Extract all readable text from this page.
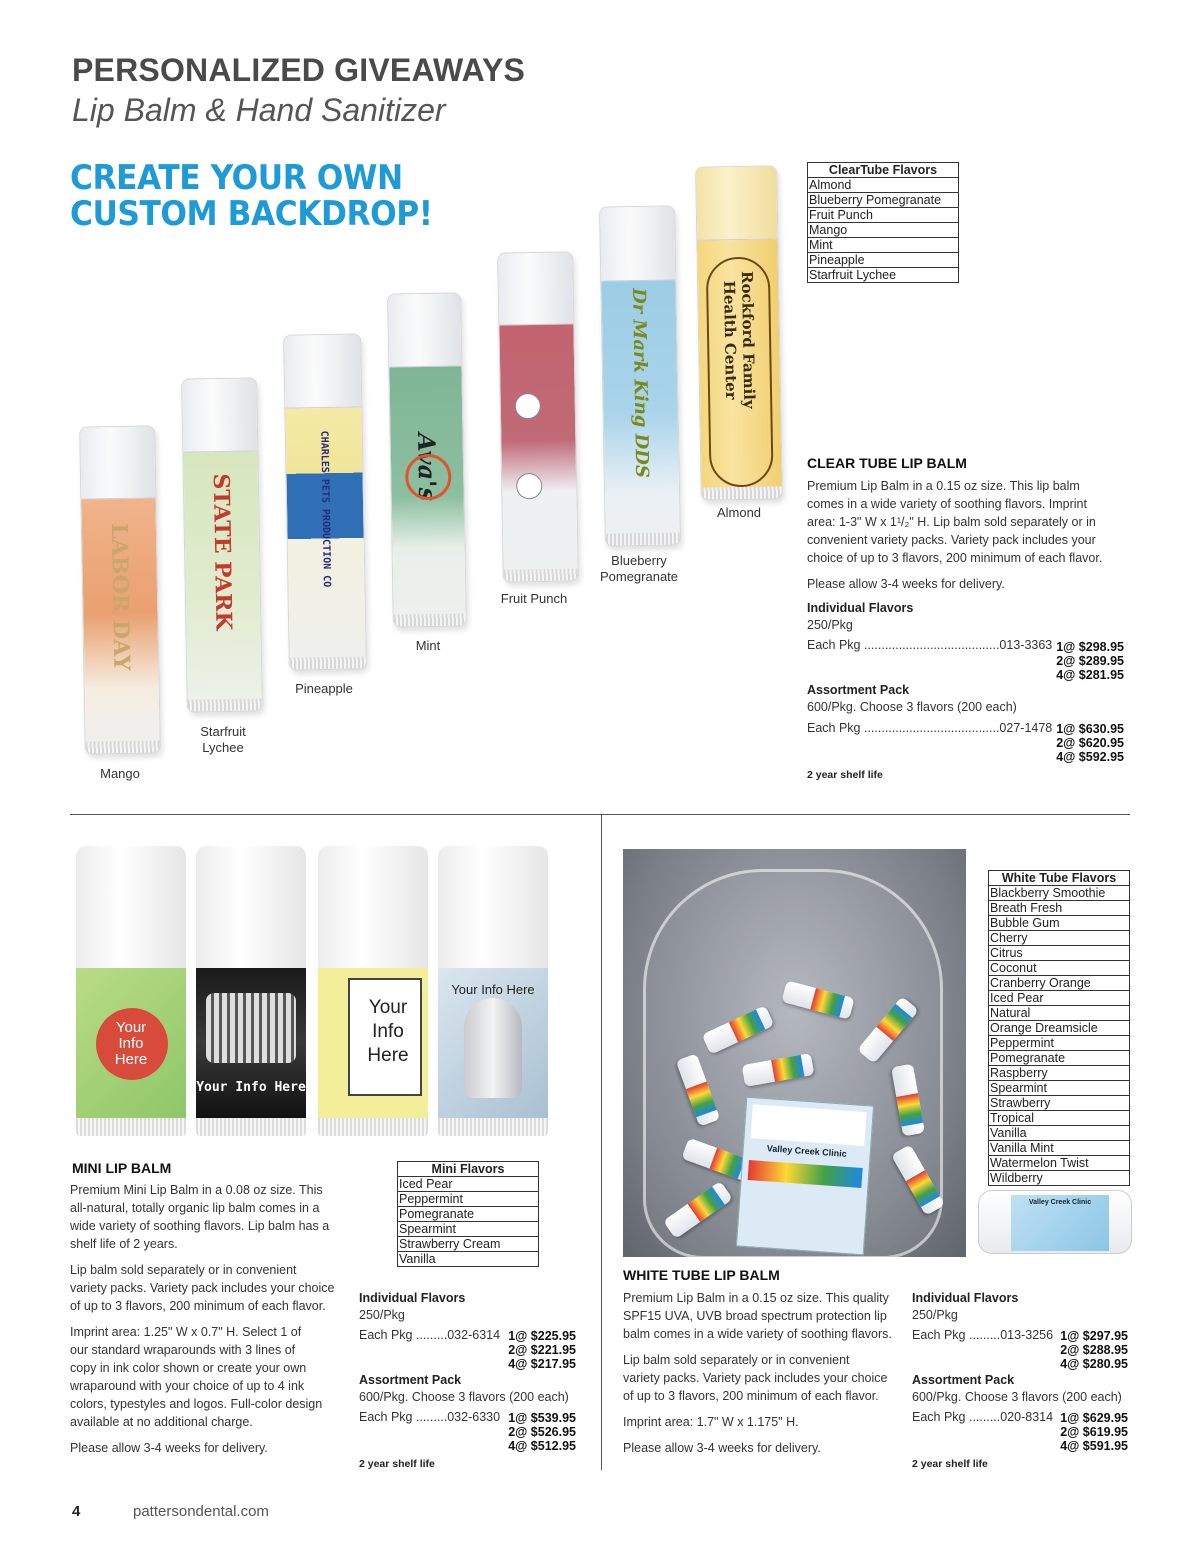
PERSONALIZED GIVEAWAYS
Lip Balm & Hand Sanitizer
CREATE YOUR OWN
CUSTOM BACKDROP!
LABOR DAY	STATE PARK	CHARLES PETS PRODUCTION CO	Ava's	Dr Mark King DDS	Rockford Family
Health Center
Mango
Starfruit
Lychee
Pineapple
Mint
Fruit Punch
Blueberry
Pomegranate
Almond
ClearTube Flavors
Almond
Blueberry Pomegranate
Fruit Punch
Mango
Mint
Pineapple
Starfruit Lychee
CLEAR TUBE LIP BALM
Premium Lip Balm in a 0.15 oz size. This lip balm
comes in a wide variety of soothing flavors. Imprint
area: 1-3" W x 1¹/₂" H. Lip balm sold separately or in
convenient variety packs. Variety pack includes your
choice of up to 3 flavors, 200 minimum of each flavor.
Please allow 3-4 weeks for delivery.
Individual Flavors
250/Pkg
Each Pkg .......................................013-3363 1@ $298.95
2@ $289.95
4@ $281.95
Assortment Pack
600/Pkg. Choose 3 flavors (200 each)
Each Pkg .......................................027-1478 1@ $630.95
2@ $620.95
4@ $592.95
2 year shelf life
Your
Info
Here
Your Info Here
Your
Info
Here
Your Info Here
MINI LIP BALM
Premium Mini Lip Balm in a 0.08 oz size. This
all-natural, totally organic lip balm comes in a
wide variety of soothing flavors. Lip balm has a
shelf life of 2 years.
Lip balm sold separately or in convenient
variety packs. Variety pack includes your choice
of up to 3 flavors, 200 minimum of each flavor.
Imprint area: 1.25" W x 0.7" H. Select 1 of
our standard wraparounds with 3 lines of
copy in ink color shown or create your own
wraparound with your choice of up to 4 ink
colors, typestyles and logos. Full-color design
available at no additional charge.
Please allow 3-4 weeks for delivery.
Mini Flavors
Iced Pear
Peppermint
Pomegranate
Spearmint
Strawberry Cream
Vanilla
Individual Flavors
250/Pkg
Each Pkg .........032-6314 1@ $225.95
2@ $221.95
4@ $217.95
Assortment Pack
600/Pkg. Choose 3 flavors (200 each)
Each Pkg .........032-6330 1@ $539.95
2@ $526.95
4@ $512.95
2 year shelf life
Valley Creek Clinic
Valley Creek Clinic
White Tube Flavors
Blackberry Smoothie
Breath Fresh
Bubble Gum
Cherry
Citrus
Coconut
Cranberry Orange
Iced Pear
Natural
Orange Dreamsicle
Peppermint
Pomegranate
Raspberry
Spearmint
Strawberry
Tropical
Vanilla
Vanilla Mint
Watermelon Twist
Wildberry
WHITE TUBE LIP BALM
Premium Lip Balm in a 0.15 oz size. This quality
SPF15 UVA, UVB broad spectrum protection lip
balm comes in a wide variety of soothing flavors.
Lip balm sold separately or in convenient
variety packs. Variety pack includes your choice
of up to 3 flavors, 200 minimum of each flavor.
Imprint area: 1.7" W x 1.175" H.
Please allow 3-4 weeks for delivery.
Individual Flavors
250/Pkg
Each Pkg .........013-3256 1@ $297.95
2@ $288.95
4@ $280.95
Assortment Pack
600/Pkg. Choose 3 flavors (200 each)
Each Pkg .........020-8314 1@ $629.95
2@ $619.95
4@ $591.95
2 year shelf life
4	pattersondental.com
